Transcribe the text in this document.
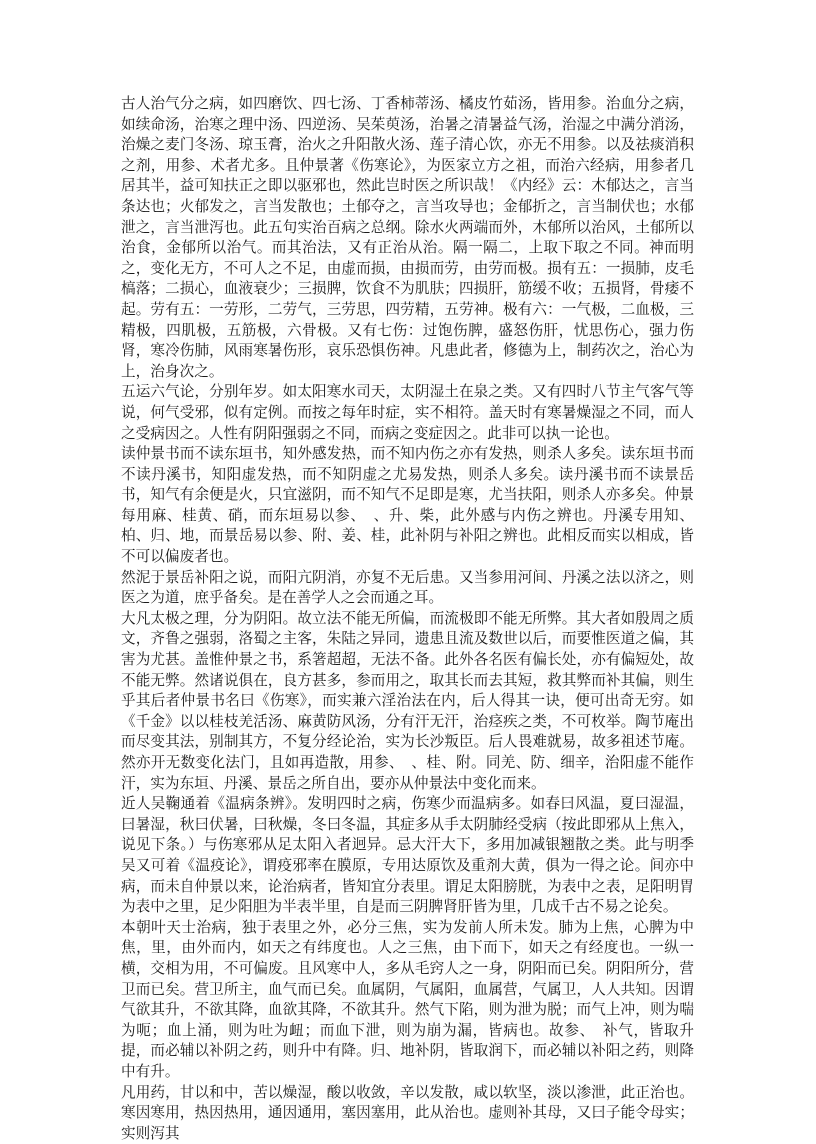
古人治气分之病，如四磨饮、四七汤、丁香柿蒂汤、橘皮竹茹汤，皆用参。治血分之病，如续命汤，治寒之理中汤、四逆汤、吴茱萸汤，治暑之清暑益气汤，治湿之中满分消汤，治燥之麦门冬汤、琼玉膏，治火之升阳散火汤、莲子清心饮，亦无不用参。以及祛痰消积之剂，用参、术者尤多。且仲景著《伤寒论》，为医家立方之祖，而治六经病，用参者几居其半，益可知扶正之即以驱邪也，然此岂时医之所识哉！《内经》云：木郁达之，言当条达也；火郁发之，言当发散也；土郁夺之，言当攻导也；金郁折之，言当制伏也；水郁泄之，言当泄泻也。此五句实治百病之总纲。除水火两端而外，木郁所以治风，土郁所以治食，金郁所以治气。而其治法，又有正治从治。隔一隔二，上取下取之不同。神而明之，变化无方，不可人之不足，由虚而损，由损而劳，由劳而极。损有五：一损肺，皮毛槁落；二损心，血液衰少；三损脾，饮食不为肌肤；四损肝，筋缓不收；五损肾，骨痿不起。劳有五：一劳形，二劳气，三劳思，四劳精，五劳神。极有六：一气极，二血极，三精极，四肌极，五筋极，六骨极。又有七伤：过饱伤脾，盛怒伤肝，忧思伤心，强力伤肾，寒冷伤肺，风雨寒暑伤形，哀乐恐惧伤神。凡患此者，修德为上，制药次之，治心为上，治身次之。

五运六气论，分别年岁。如太阳寒水司天，太阴湿土在泉之类。又有四时八节主气客气等说，何气受邪，似有定例。而按之每年时症，实不相符。盖天时有寒暑燥湿之不同，而人之受病因之。人性有阴阳强弱之不同，而病之变症因之。此非可以执一论也。

读仲景书而不读东垣书，知外感发热，而不知内伤之亦有发热，则杀人多矣。读东垣书而不读丹溪书，知阳虚发热，而不知阴虚之尤易发热，则杀人多矣。读丹溪书而不读景岳书，知气有余便是火，只宜滋阴，而不知气不足即是寒，尤当扶阳，则杀人亦多矣。仲景每用麻、桂黄、硝，而东垣易以参、　、升、柴，此外感与内伤之辨也。丹溪专用知、柏、归、地，而景岳易以参、附、姜、桂，此补阴与补阳之辨也。此相反而实以相成，皆不可以偏废者也。

然泥于景岳补阳之说，而阳亢阴消，亦复不无后患。又当参用河间、丹溪之法以济之，则医之为道，庶乎备矣。是在善学人之会而通之耳。

大凡太极之理，分为阴阳。故立法不能无所偏，而流极即不能无所弊。其大者如殷周之质文，齐鲁之强弱，洛蜀之主客，朱陆之异同，遗患且流及数世以后，而要惟医道之偏，其害为尤甚。盖惟仲景之书，系箸超超，无法不备。此外各名医有偏长处，亦有偏短处，故不能无弊。然诸说俱在，良方甚多，参而用之，取其长而去其短，救其弊而补其偏，则生乎其后者仲景书名曰《伤寒》，而实兼六淫治法在内，后人得其一诀，便可出奇无穷。如《千金》以以桂枝羌活汤、麻黄防风汤，分有汗无汗，治痉疾之类，不可枚举。陶节庵出而尽变其法，别制其方，不复分经论治，实为长沙叛臣。后人畏难就易，故多祖述节庵。然亦开无数变化法门，且如再造散，用参、　、桂、附。同羌、防、细辛，治阳虚不能作汗，实为东垣、丹溪、景岳之所自出，要亦从仲景法中变化而来。

近人吴鞠通着《温病条辨》。发明四时之病，伤寒少而温病多。如春曰风温，夏曰湿温，曰暑湿，秋曰伏暑，曰秋燥，冬曰冬温，其症多从手太阴肺经受病（按此即邪从上焦入，说见下条。）与伤寒邪从足太阳入者迥异。忌大汗大下，多用加减银翘散之类。此与明季吴又可着《温疫论》，谓疫邪率在膜原，专用达原饮及重剂大黄，俱为一得之论。间亦中病，而未自仲景以来，论治病者，皆知宜分表里。谓足太阳膀胱，为表中之表，足阳明胃为表中之里，足少阳胆为半表半里，自是而三阴脾肾肝皆为里，几成千古不易之论矣。

本朝叶天士治病，独于表里之外，必分三焦，实为发前人所未发。肺为上焦，心脾为中焦，里，由外而内，如天之有纬度也。人之三焦，由下而下，如天之有经度也。一纵一横，交相为用，不可偏废。且风寒中人，多从毛窍人之一身，阴阳而已矣。阴阳所分，营卫而已矣。营卫所主，血气而已矣。血属阴，气属阳，血属营，气属卫，人人共知。因谓气欲其升，不欲其降，血欲其降，不欲其升。然气下陷，则为泄为脱；而气上冲，则为喘为呃；血上涌，则为吐为衄；而血下泄，则为崩为漏，皆病也。故参、　补气，皆取升提，而必辅以补阴之药，则升中有降。归、地补阴，皆取润下，而必辅以补阳之药，则降中有升。

凡用药，甘以和中，苦以燥湿，酸以收敛，辛以发散，咸以软坚，淡以渗泄，此正治也。寒因寒用，热因热用，通因通用，塞因塞用，此从治也。虚则补其母，又曰子能令母实；实则泻其
